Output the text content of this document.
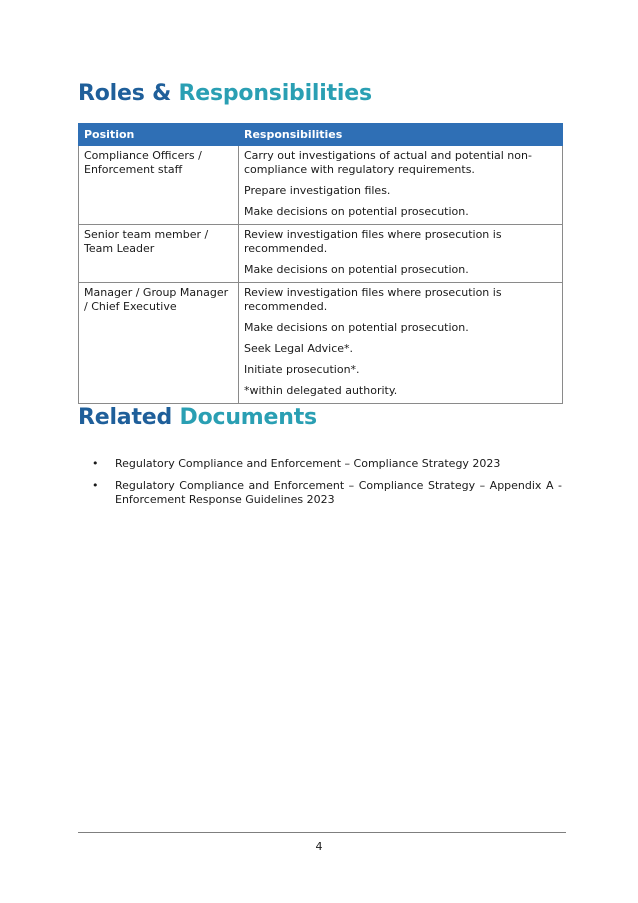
Roles & Responsibilities
Position	Responsibilities
Compliance Officers / Enforcement staff	Carry out investigations of actual and potential non-compliance with regulatory requirements.

Prepare investigation files.

Make decisions on potential prosecution.

Senior team member / Team Leader	Review investigation files where prosecution is recommended.

Make decisions on potential prosecution.

Manager / Group Manager / Chief Executive	Review investigation files where prosecution is recommended.

Make decisions on potential prosecution.

Seek Legal Advice*.

Initiate prosecution*.

*within delegated authority.

Related Documents
• Regulatory Compliance and Enforcement – Compliance Strategy 2023
• Regulatory Compliance and Enforcement – Compliance Strategy – Appendix A - Enforcement Response Guidelines 2023
4
